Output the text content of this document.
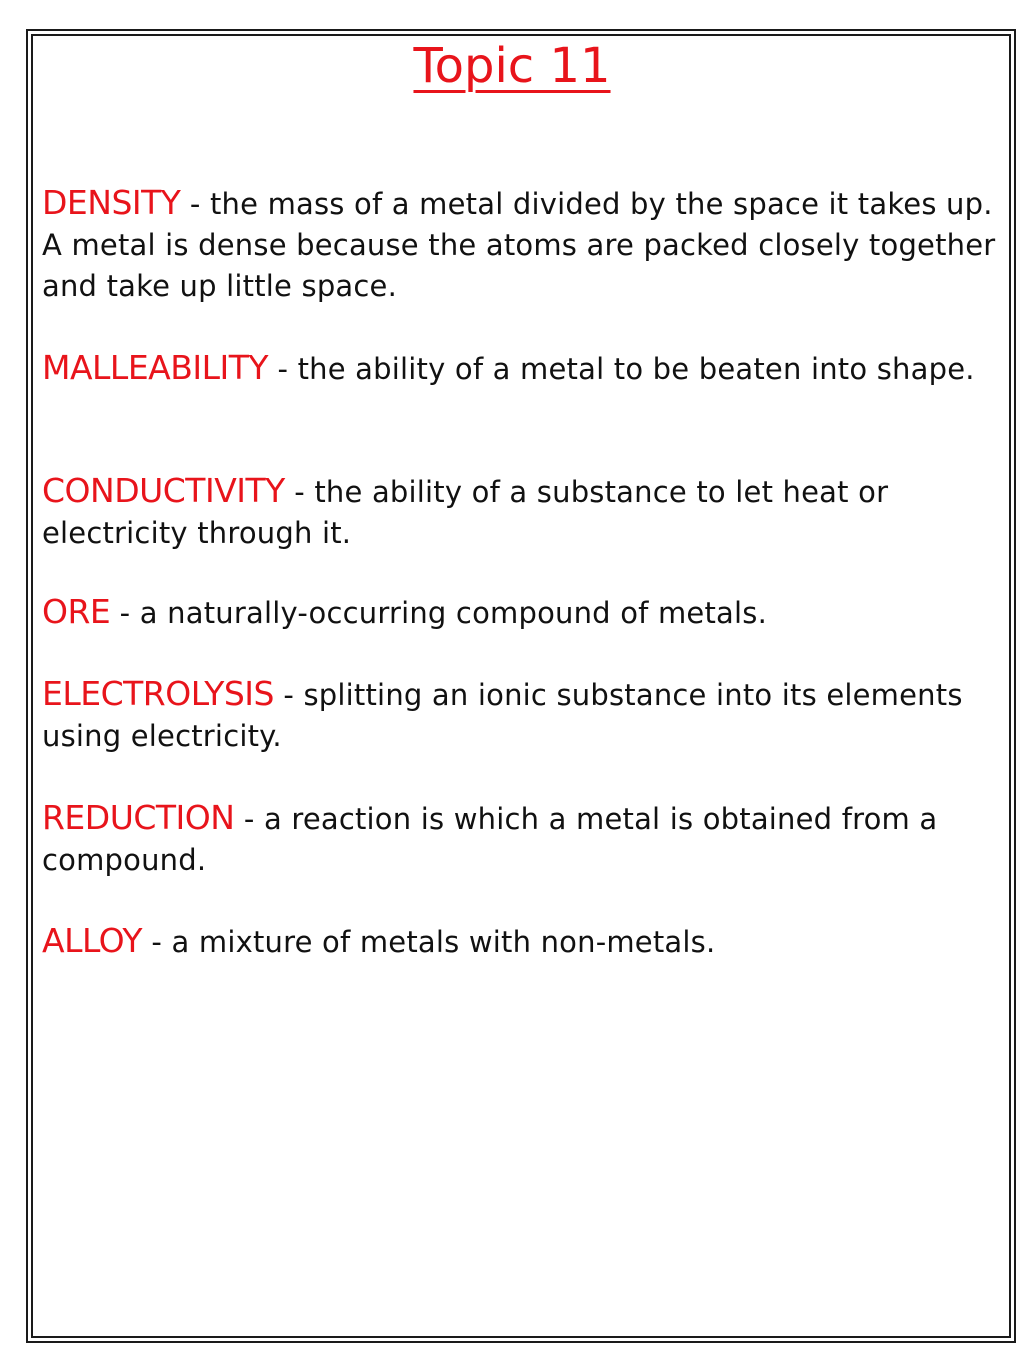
Topic 11
DENSITY - the mass of a metal divided by the space it takes up. A metal is dense because the atoms are packed closely together and take up little space.
MALLEABILITY - the ability of a metal to be beaten into shape.
CONDUCTIVITY - the ability of a substance to let heat or electricity through it.
ORE - a naturally-occurring compound of metals.
ELECTROLYSIS - splitting an ionic substance into its elements using electricity.
REDUCTION - a reaction is which a metal is obtained from a compound.
ALLOY - a mixture of metals with non-metals.
